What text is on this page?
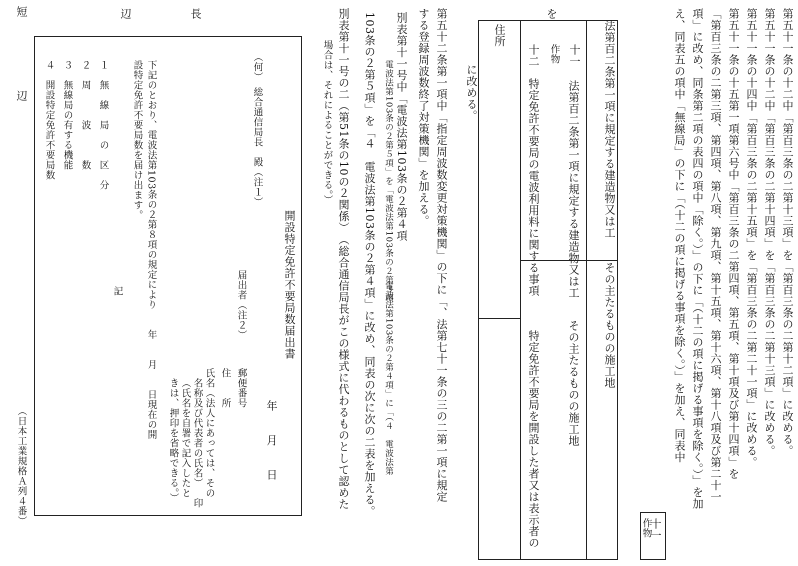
第五十一条の十二中「第百三条の二第十三項」を「第百三条の二第十二項」に改める。
第五十一条の十二中「第百三条の二第十四項」を「第百三条の二第十三項」に改める。
第五十一条の十四中「第百三条の二第十五項」を「第百三条の二第二十一項」に改める。
第五十一条の十五第一項第六号中「第百三条の二第四項、第五項、第十項及び第十四項」を
「第百三条の二第三項、第四項、第八項、第九項、第十五項、第十六項、第十八項及び第二十一
項」に改め、同条第二項の表四の項中「除く。）」の下に「（十二の項に掲げる事項を除く。）」を加
え、同表五の項中「無線局」の下に「（十二の項に掲げる事項を除く。）」を加え、同表中
十一
作物
法第百二条第一項に規定する建造物又は工
その主たるものの施工地
十一
作物
法第百二条第一項に規定する建造物又は工
その主たるものの施工地
十二
特定免許不要局の電波利用料に関する事項
特定免許不要局を開設した者又は表示者の
住所
を
に改める。
第五十二条第一項中「指定周波数変更対策機関」の下に「、法第七十一条の三の二第一項に規定
する登録周波数終了対策機関」を加える。
別表第十一号中「電波法第103条の２第４項
電波法第103条の２第５項」を「電波法第103条の２第３項
電波法第103条の２第４項」に「（４　電波法第
103条の２第５項」を「４　電波法第103条の２第４項」に改め、同表の次に次の二表を加える。
別表第十一号の二（第51条の10の２関係）　（総合通信局長がこの様式に代わるものとして認めた
場合は、それによることができる。）
開設特定免許不要局数届出書
年　　月　　日
（何）　総合通信局長　殿（注１）
届出者（注２）
郵便番号
住　　所
氏名（法人にあっては、その
名称及び代表者の氏名）
（氏名を自署で記入したと
きは、押印を省略できる。） 印
下記のとおり、電波法第103条の２第８項の規定により　　年　　月　　日現在の開
設特定免許不要局数を届け出ます。
記
１　無　線　局　の　区　分
２　周　　　波　　　数
３　無線局の有する機能
４　開設特定免許不要局数
長
辺
短
辺
（日本工業規格Ａ列４番）
